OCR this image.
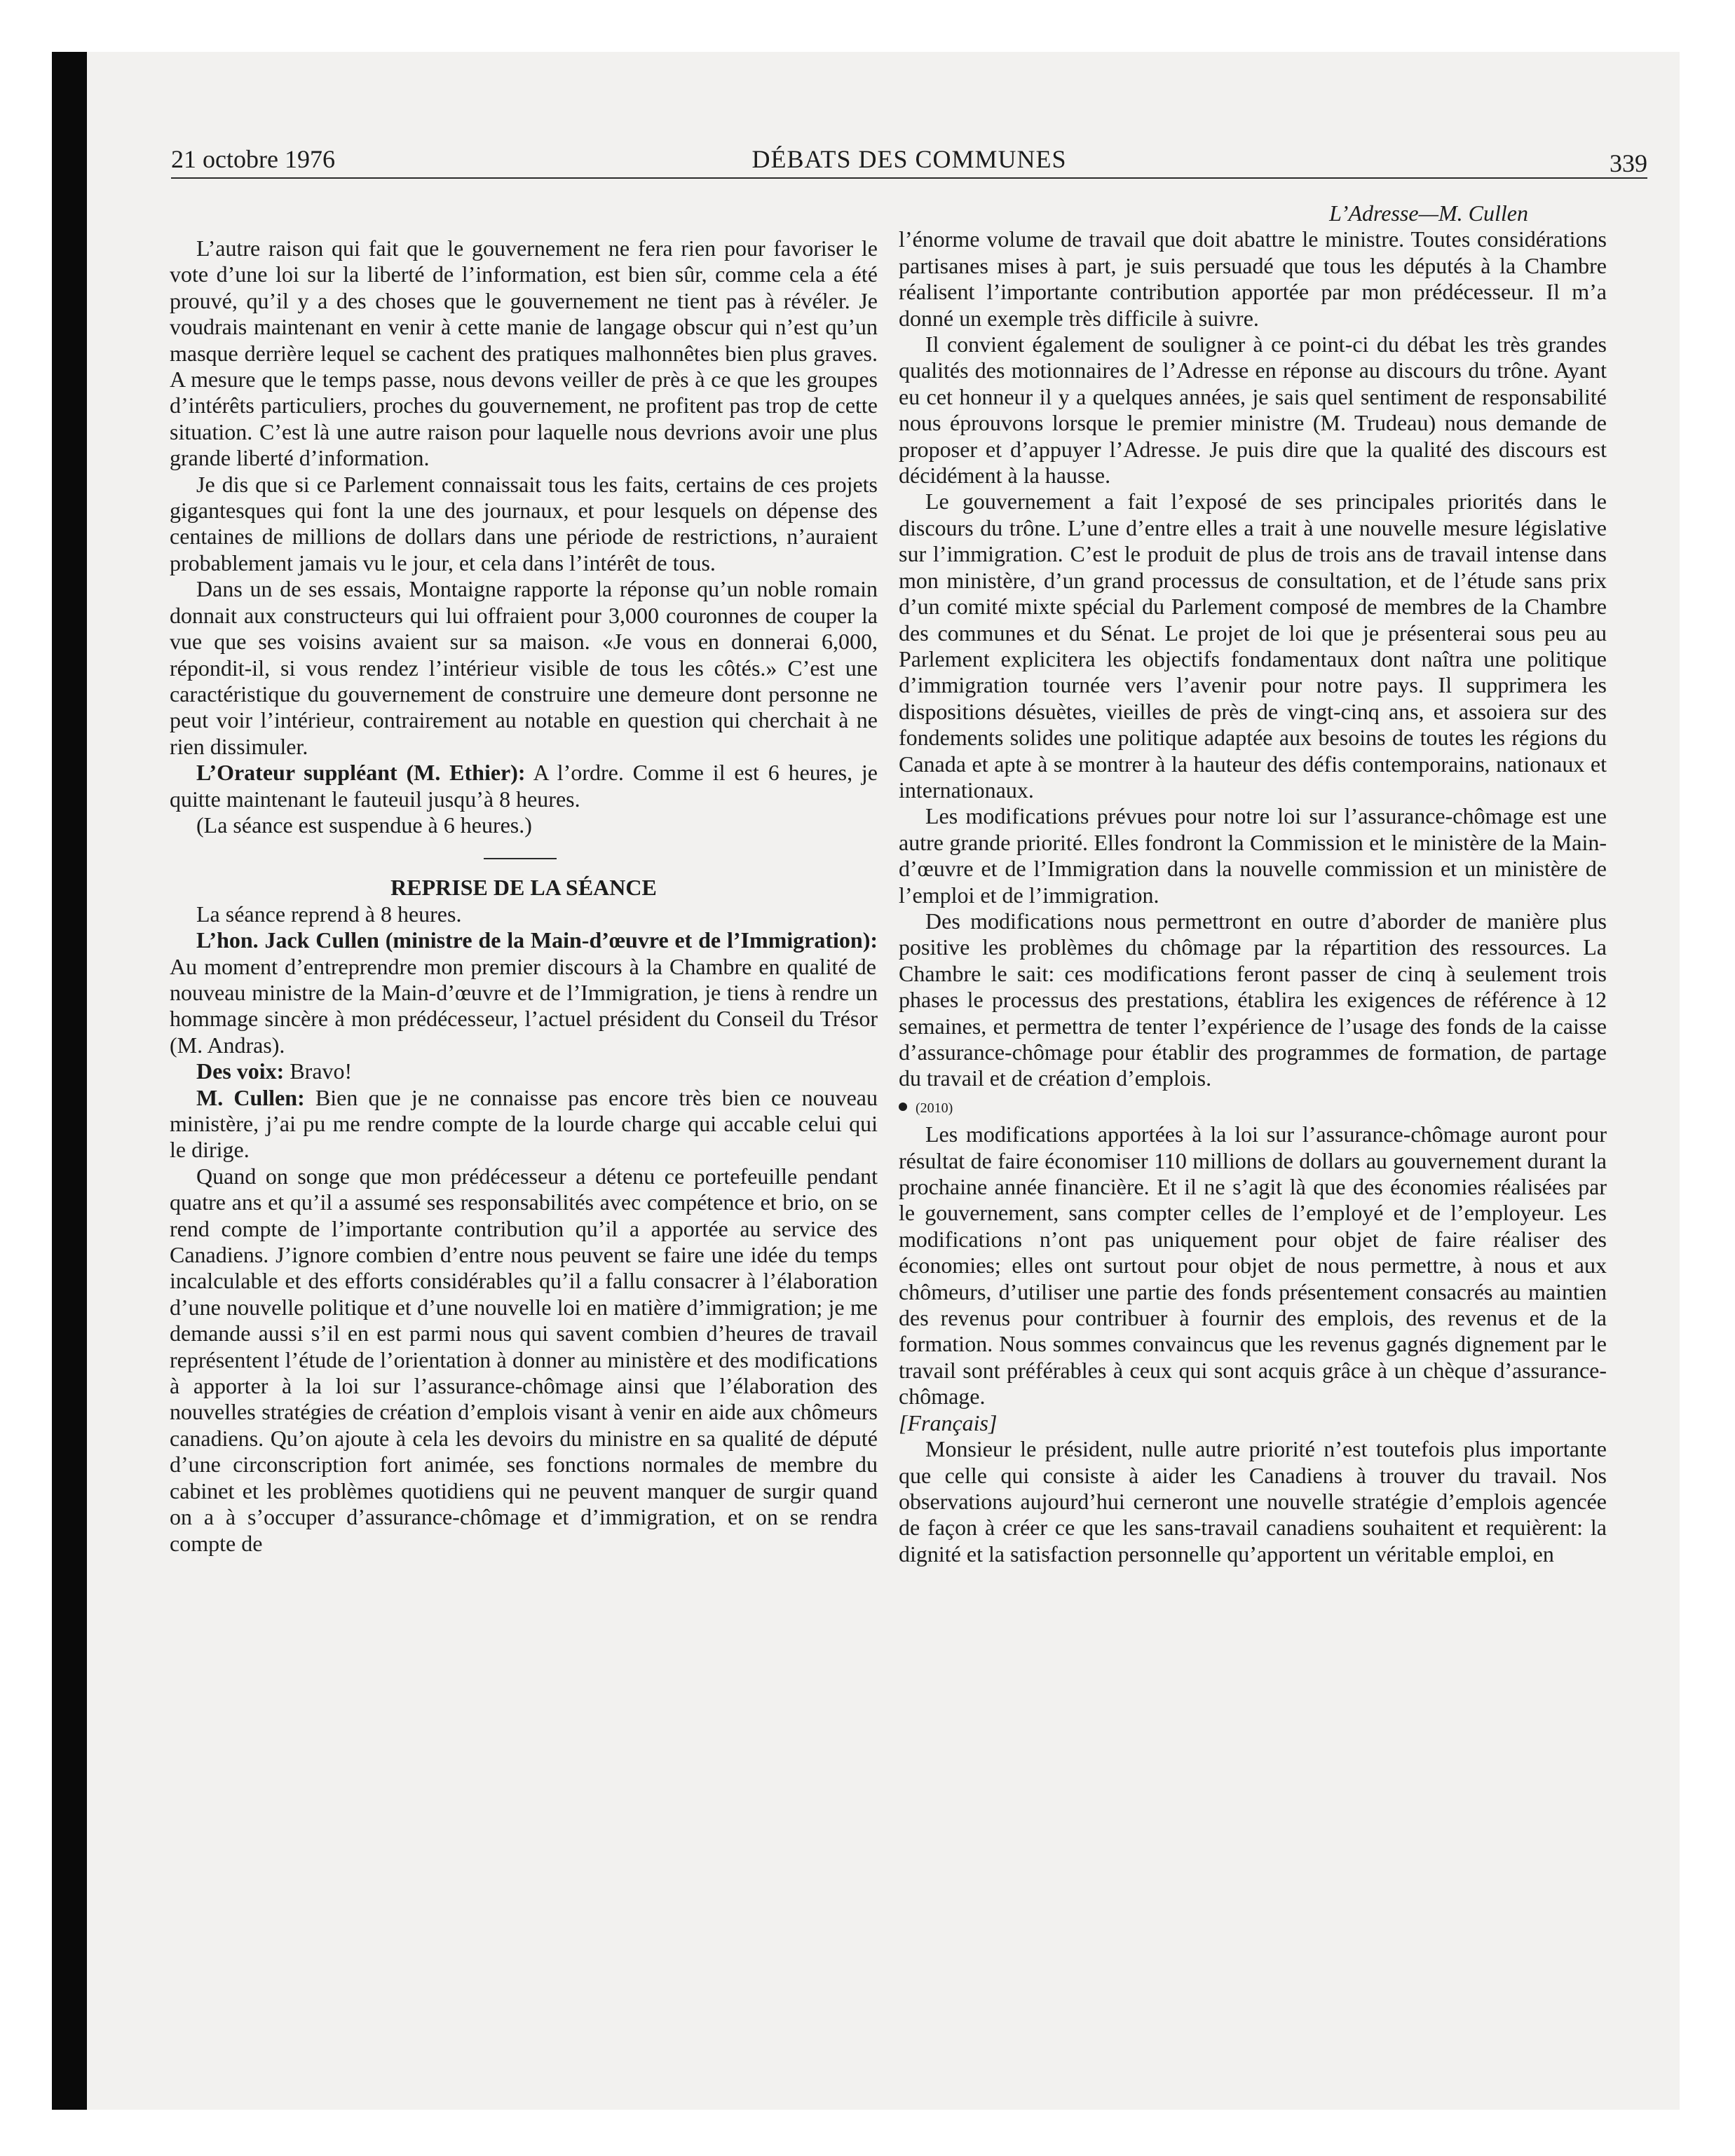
21 octobre 1976	DÉBATS DES COMMUNES	339

L’autre raison qui fait que le gouvernement ne fera rien pour favoriser le vote d’une loi sur la liberté de l’information, est bien sûr, comme cela a été prouvé, qu’il y a des choses que le gouvernement ne tient pas à révéler. Je voudrais maintenant en venir à cette manie de langage obscur qui n’est qu’un masque derrière lequel se cachent des pratiques malhonnêtes bien plus graves. A mesure que le temps passe, nous devons veiller de près à ce que les groupes d’intérêts particuliers, proches du gouvernement, ne profitent pas trop de cette situation. C’est là une autre raison pour laquelle nous devrions avoir une plus grande liberté d’information.

Je dis que si ce Parlement connaissait tous les faits, certains de ces projets gigantesques qui font la une des journaux, et pour lesquels on dépense des centaines de millions de dollars dans une période de restrictions, n’auraient probablement jamais vu le jour, et cela dans l’intérêt de tous.

Dans un de ses essais, Montaigne rapporte la réponse qu’un noble romain donnait aux constructeurs qui lui offraient pour 3,000 couronnes de couper la vue que ses voisins avaient sur sa maison. «Je vous en donnerai 6,000, répondit-il, si vous rendez l’intérieur visible de tous les côtés.» C’est une caractéristique du gouvernement de construire une demeure dont personne ne peut voir l’intérieur, contrairement au notable en question qui cherchait à ne rien dissimuler.

L’Orateur suppléant (M. Ethier): A l’ordre. Comme il est 6 heures, je quitte maintenant le fauteuil jusqu’à 8 heures.

(La séance est suspendue à 6 heures.)

REPRISE DE LA SÉANCE

La séance reprend à 8 heures.

L’hon. Jack Cullen (ministre de la Main-d’œuvre et de l’Immigration): Au moment d’entreprendre mon premier discours à la Chambre en qualité de nouveau ministre de la Main-d’œuvre et de l’Immigration, je tiens à rendre un hommage sincère à mon prédécesseur, l’actuel président du Conseil du Trésor (M. Andras).

Des voix: Bravo!

M. Cullen: Bien que je ne connaisse pas encore très bien ce nouveau ministère, j’ai pu me rendre compte de la lourde charge qui accable celui qui le dirige.

Quand on songe que mon prédécesseur a détenu ce portefeuille pendant quatre ans et qu’il a assumé ses responsabilités avec compétence et brio, on se rend compte de l’importante contribution qu’il a apportée au service des Canadiens. J’ignore combien d’entre nous peuvent se faire une idée du temps incalculable et des efforts considérables qu’il a fallu consacrer à l’élaboration d’une nouvelle politique et d’une nouvelle loi en matière d’immigration; je me demande aussi s’il en est parmi nous qui savent combien d’heures de travail représentent l’étude de l’orientation à donner au ministère et des modifications à apporter à la loi sur l’assurance-chômage ainsi que l’élaboration des nouvelles stratégies de création d’emplois visant à venir en aide aux chômeurs canadiens. Qu’on ajoute à cela les devoirs du ministre en sa qualité de député d’une circonscription fort animée, ses fonctions normales de membre du cabinet et les problèmes quotidiens qui ne peuvent manquer de surgir quand on a à s’occuper d’assurance-chômage et d’immigration, et on se rendra compte de

L’Adresse—M. Cullen

l’énorme volume de travail que doit abattre le ministre. Toutes considérations partisanes mises à part, je suis persuadé que tous les députés à la Chambre réalisent l’importante contribution apportée par mon prédécesseur. Il m’a donné un exemple très difficile à suivre.

Il convient également de souligner à ce point-ci du débat les très grandes qualités des motionnaires de l’Adresse en réponse au discours du trône. Ayant eu cet honneur il y a quelques années, je sais quel sentiment de responsabilité nous éprouvons lorsque le premier ministre (M. Trudeau) nous demande de proposer et d’appuyer l’Adresse. Je puis dire que la qualité des discours est décidément à la hausse.

Le gouvernement a fait l’exposé de ses principales priorités dans le discours du trône. L’une d’entre elles a trait à une nouvelle mesure législative sur l’immigration. C’est le produit de plus de trois ans de travail intense dans mon ministère, d’un grand processus de consultation, et de l’étude sans prix d’un comité mixte spécial du Parlement composé de membres de la Chambre des communes et du Sénat. Le projet de loi que je présenterai sous peu au Parlement explicitera les objectifs fondamentaux dont naîtra une politique d’immigration tournée vers l’avenir pour notre pays. Il supprimera les dispositions désuètes, vieilles de près de vingt-cinq ans, et assoiera sur des fondements solides une politique adaptée aux besoins de toutes les régions du Canada et apte à se montrer à la hauteur des défis contemporains, nationaux et internationaux.

Les modifications prévues pour notre loi sur l’assurance-chômage est une autre grande priorité. Elles fondront la Commission et le ministère de la Main-d’œuvre et de l’Immigration dans la nouvelle commission et un ministère de l’emploi et de l’immigration.

Des modifications nous permettront en outre d’aborder de manière plus positive les problèmes du chômage par la répartition des ressources. La Chambre le sait: ces modifications feront passer de cinq à seulement trois phases le processus des prestations, établira les exigences de référence à 12 semaines, et permettra de tenter l’expérience de l’usage des fonds de la caisse d’assurance-chômage pour établir des programmes de formation, de partage du travail et de création d’emplois.

(2010)

Les modifications apportées à la loi sur l’assurance-chômage auront pour résultat de faire économiser 110 millions de dollars au gouvernement durant la prochaine année financière. Et il ne s’agit là que des économies réalisées par le gouvernement, sans compter celles de l’employé et de l’employeur. Les modifications n’ont pas uniquement pour objet de faire réaliser des économies; elles ont surtout pour objet de nous permettre, à nous et aux chômeurs, d’utiliser une partie des fonds présentement consacrés au maintien des revenus pour contribuer à fournir des emplois, des revenus et de la formation. Nous sommes convaincus que les revenus gagnés dignement par le travail sont préférables à ceux qui sont acquis grâce à un chèque d’assurance-chômage.

[Français]

Monsieur le président, nulle autre priorité n’est toutefois plus importante que celle qui consiste à aider les Canadiens à trouver du travail. Nos observations aujourd’hui cerneront une nouvelle stratégie d’emplois agencée de façon à créer ce que les sans-travail canadiens souhaitent et requièrent: la dignité et la satisfaction personnelle qu’apportent un véritable emploi, en
